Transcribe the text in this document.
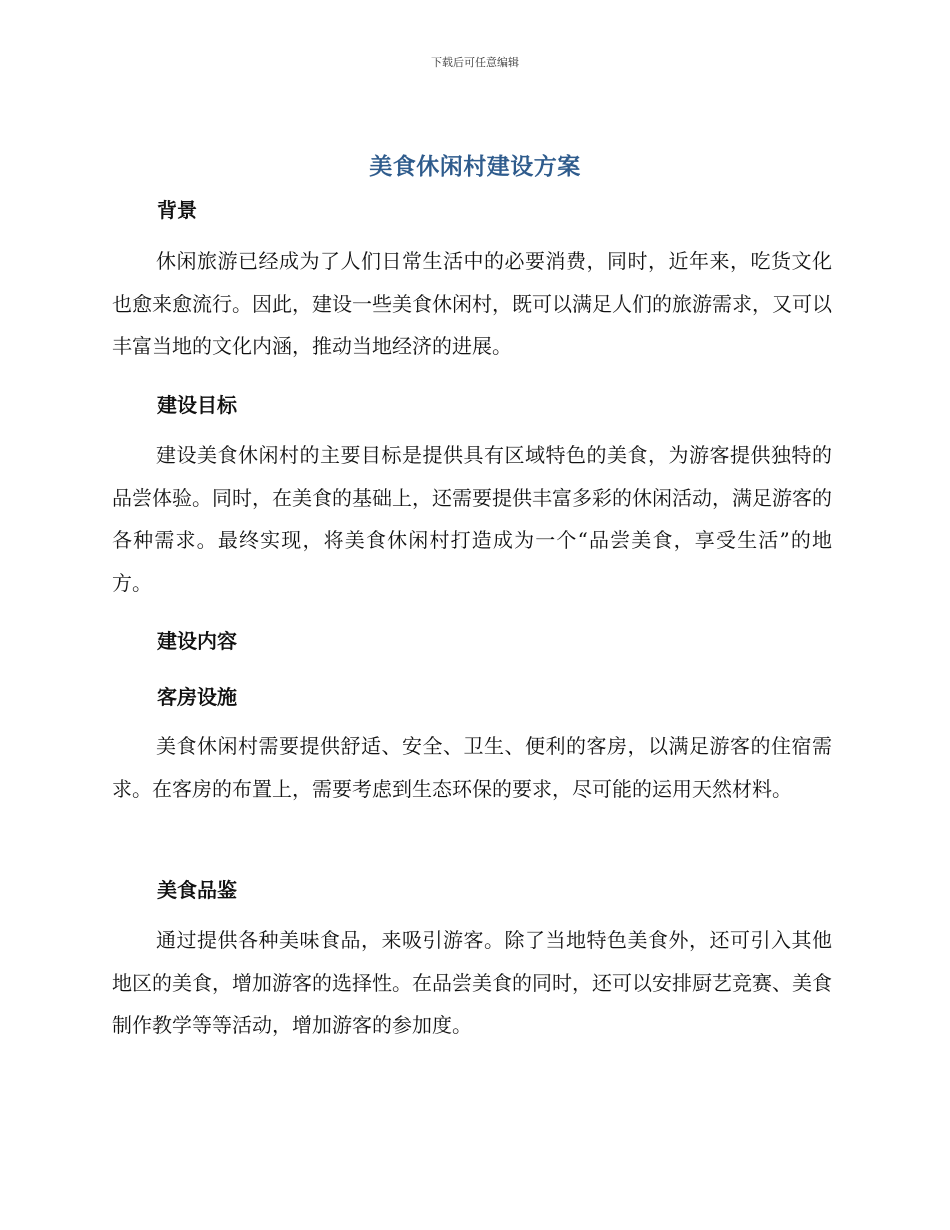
下载后可任意编辑
美食休闲村建设方案
背景
休闲旅游已经成为了人们日常生活中的必要消费，同时，近年来，吃货文化也愈来愈流行。因此，建设一些美食休闲村，既可以满足人们的旅游需求，又可以丰富当地的文化内涵，推动当地经济的进展。
建设目标
建设美食休闲村的主要目标是提供具有区域特色的美食，为游客提供独特的品尝体验。同时，在美食的基础上，还需要提供丰富多彩的休闲活动，满足游客的各种需求。最终实现，将美食休闲村打造成为一个“品尝美食，享受生活”的地方。
建设内容
客房设施
美食休闲村需要提供舒适、安全、卫生、便利的客房，以满足游客的住宿需求。在客房的布置上，需要考虑到生态环保的要求，尽可能的运用天然材料。
美食品鉴
通过提供各种美味食品，来吸引游客。除了当地特色美食外，还可引入其他地区的美食，增加游客的选择性。在品尝美食的同时，还可以安排厨艺竞赛、美食制作教学等等活动，增加游客的参加度。
